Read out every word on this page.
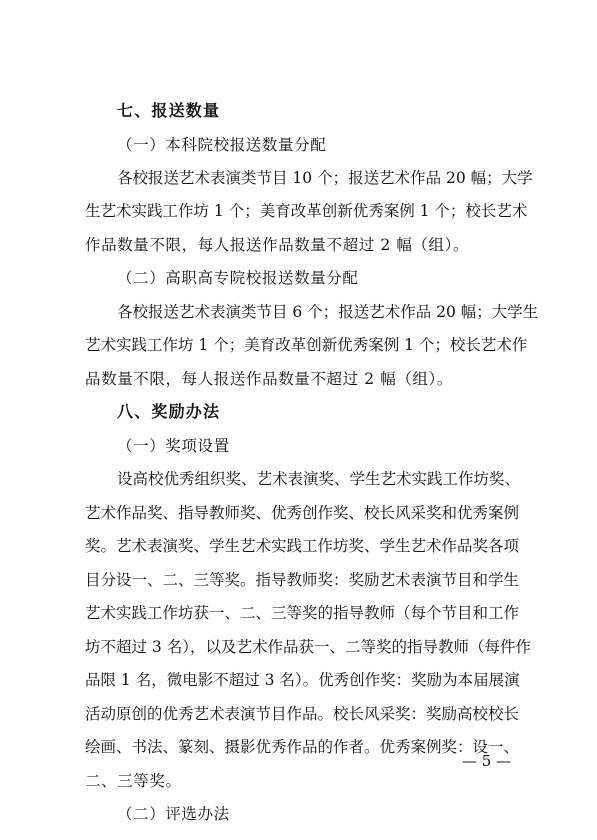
七、报送数量
（一）本科院校报送数量分配
各校报送艺术表演类节目 10 个；报送艺术作品 20 幅；大学
生艺术实践工作坊 1 个；美育改革创新优秀案例 1 个；校长艺术
作品数量不限，每人报送作品数量不超过 2 幅（组）。
（二）高职高专院校报送数量分配
各校报送艺术表演类节目 6 个；报送艺术作品 20 幅；大学生
艺术实践工作坊 1 个；美育改革创新优秀案例 1 个；校长艺术作
品数量不限，每人报送作品数量不超过 2 幅（组）。
八、奖励办法
（一）奖项设置
设高校优秀组织奖、艺术表演奖、学生艺术实践工作坊奖、
艺术作品奖、指导教师奖、优秀创作奖、校长风采奖和优秀案例
奖。艺术表演奖、学生艺术实践工作坊奖、学生艺术作品奖各项
目分设一、二、三等奖。指导教师奖：奖励艺术表演节目和学生
艺术实践工作坊获一、二、三等奖的指导教师（每个节目和工作
坊不超过 3 名），以及艺术作品获一、二等奖的指导教师（每件作
品限 1 名，微电影不超过 3 名）。优秀创作奖：奖励为本届展演
活动原创的优秀艺术表演节目作品。校长风采奖：奖励高校校长
绘画、书法、篆刻、摄影优秀作品的作者。优秀案例奖：设一、
二、三等奖。
（二）评选办法
— 5 —
